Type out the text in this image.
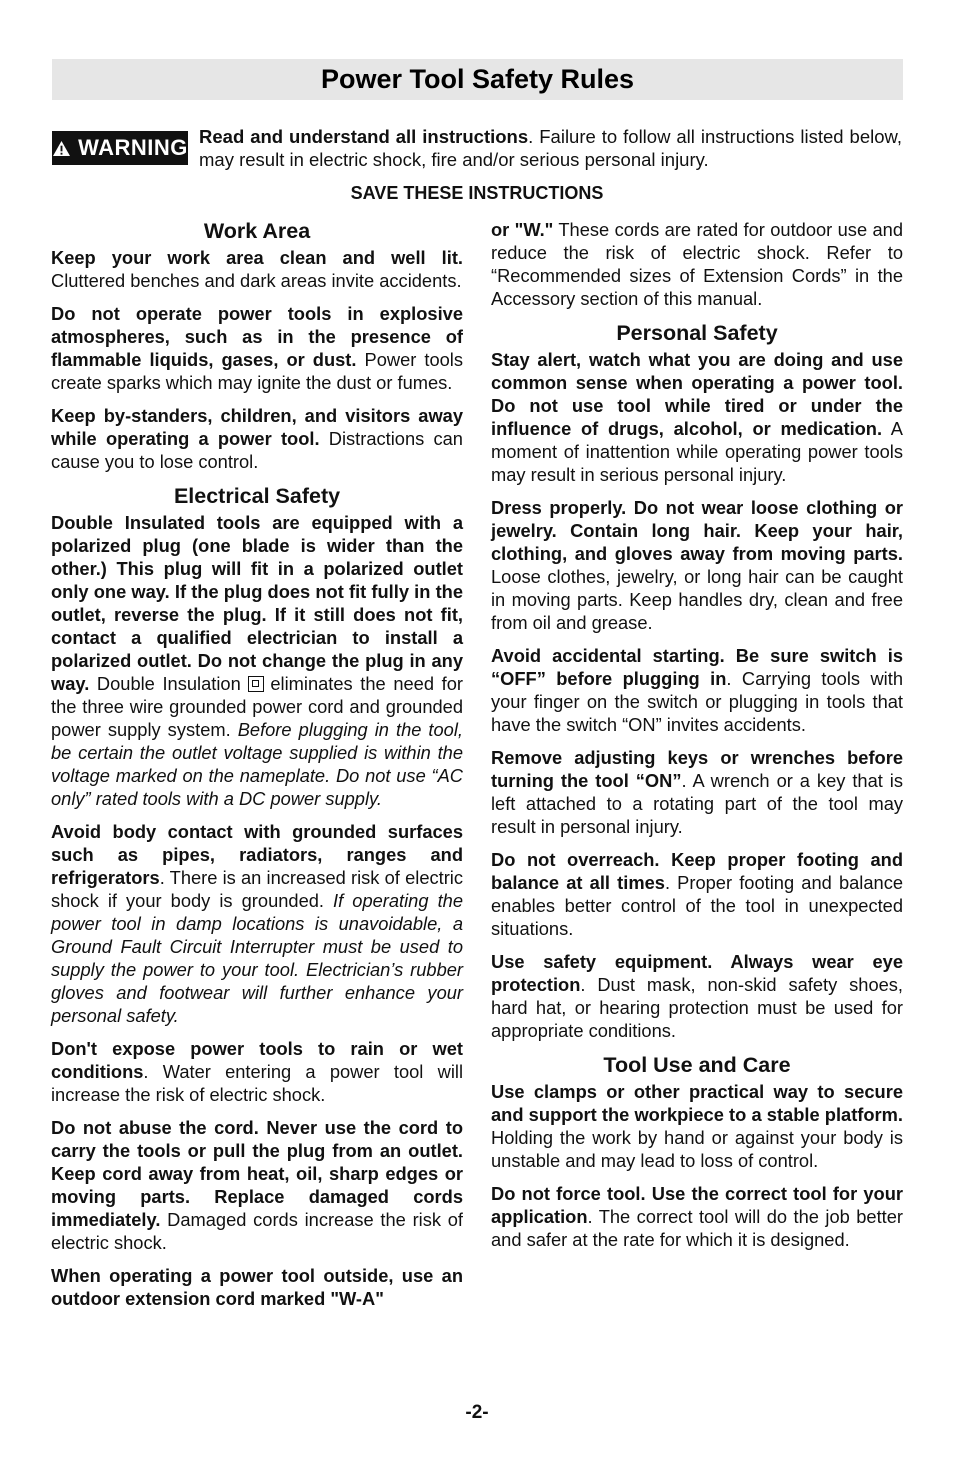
Power Tool Safety Rules
WARNING Read and understand all instructions. Failure to follow all instructions listed below, may result in electric shock, fire and/or serious personal injury.
SAVE THESE INSTRUCTIONS
Work Area

Keep your work area clean and well lit. Cluttered benches and dark areas invite accidents.

Do not operate power tools in explosive atmospheres, such as in the presence of flammable liquids, gases, or dust. Power tools create sparks which may ignite the dust or fumes.

Keep by-standers, children, and visitors away while operating a power tool. Distractions can cause you to lose control.

Electrical Safety

Double Insulated tools are equipped with a polarized plug (one blade is wider than the other.) This plug will fit in a polarized outlet only one way. If the plug does not fit fully in the outlet, reverse the plug. If it still does not fit, contact a qualified electrician to install a polarized outlet. Do not change the plug in any way. Double Insulation eliminates the need for the three wire grounded power cord and grounded power supply system. Before plugging in the tool, be certain the outlet voltage supplied is within the voltage marked on the nameplate. Do not use “AC only” rated tools with a DC power supply.

Avoid body contact with grounded surfaces such as pipes, radiators, ranges and refrigerators. There is an increased risk of electric shock if your body is grounded. If operating the power tool in damp locations is unavoidable, a Ground Fault Circuit Interrupter must be used to supply the power to your tool. Electrician’s rubber gloves and footwear will further enhance your personal safety.

Don't expose power tools to rain or wet conditions. Water entering a power tool will increase the risk of electric shock.

Do not abuse the cord. Never use the cord to carry the tools or pull the plug from an outlet. Keep cord away from heat, oil, sharp edges or moving parts. Replace damaged cords immediately. Damaged cords increase the risk of electric shock.

When operating a power tool outside, use an outdoor extension cord marked "W-A"

or "W." These cords are rated for outdoor use and reduce the risk of electric shock. Refer to “Recommended sizes of Extension Cords” in the Accessory section of this manual.

Personal Safety

Stay alert, watch what you are doing and use common sense when operating a power tool. Do not use tool while tired or under the influence of drugs, alcohol, or medication. A moment of inattention while operating power tools may result in serious personal injury.

Dress properly. Do not wear loose clothing or jewelry. Contain long hair. Keep your hair, clothing, and gloves away from moving parts. Loose clothes, jewelry, or long hair can be caught in moving parts. Keep handles dry, clean and free from oil and grease.

Avoid accidental starting. Be sure switch is “OFF” before plugging in. Carrying tools with your finger on the switch or plugging in tools that have the switch “ON” invites accidents.

Remove adjusting keys or wrenches before turning the tool “ON”. A wrench or a key that is left attached to a rotating part of the tool may result in personal injury.

Do not overreach. Keep proper footing and balance at all times. Proper footing and balance enables better control of the tool in unexpected situations.

Use safety equipment. Always wear eye protection. Dust mask, non-skid safety shoes, hard hat, or hearing protection must be used for appropriate conditions.

Tool Use and Care

Use clamps or other practical way to secure and support the workpiece to a stable platform. Holding the work by hand or against your body is unstable and may lead to loss of control.

Do not force tool. Use the correct tool for your application. The correct tool will do the job better and safer at the rate for which it is designed.

-2-
